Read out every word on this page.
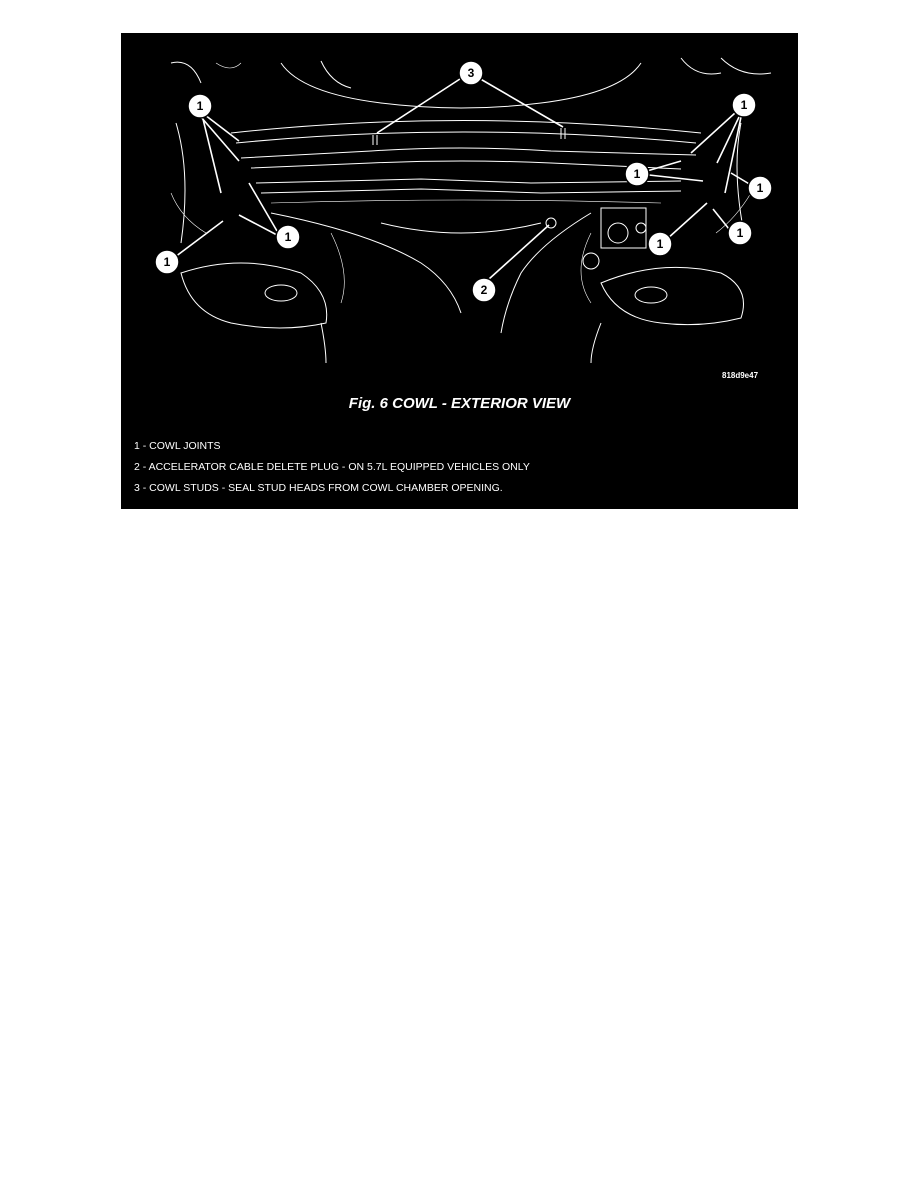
3
1
1
1
1
1
1
1
1
2
818d9e47
Fig. 6 COWL - EXTERIOR VIEW
1 - COWL JOINTS
2 - ACCELERATOR CABLE DELETE PLUG - ON 5.7L EQUIPPED VEHICLES ONLY
3 - COWL STUDS - SEAL STUD HEADS FROM COWL CHAMBER OPENING.
